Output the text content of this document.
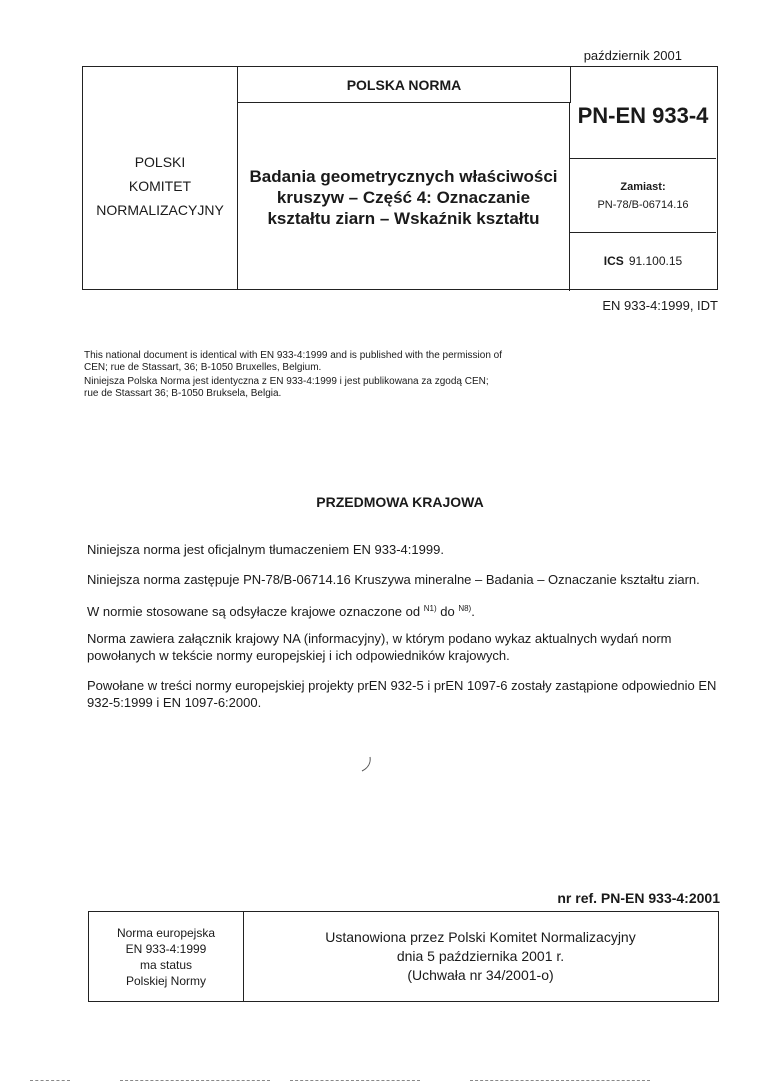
październik 2001
POLSKI
KOMITET
NORMALIZACYJNY
POLSKA NORMA
Badania geometrycznych właściwości kruszyw – Część 4: Oznaczanie kształtu ziarn – Wskaźnik kształtu
PN-EN 933-4
Zamiast:
PN-78/B-06714.16
ICS 91.100.15
EN 933-4:1999, IDT
This national document is identical with EN 933-4:1999 and is published with the permission of CEN; rue de Stassart, 36; B-1050 Bruxelles, Belgium.
Niniejsza Polska Norma jest identyczna z EN 933-4:1999 i jest publikowana za zgodą CEN; rue de Stassart 36; B-1050 Bruksela, Belgia.
PRZEDMOWA KRAJOWA
Niniejsza norma jest oficjalnym tłumaczeniem EN 933-4:1999.
Niniejsza norma zastępuje PN-78/B-06714.16 Kruszywa mineralne – Badania – Oznaczanie kształtu ziarn.
W normie stosowane są odsyłacze krajowe oznaczone od $^{N1)}$ do $^{N8)}$.
Norma zawiera załącznik krajowy NA (informacyjny), w którym podano wykaz aktualnych wydań norm powołanych w tekście normy europejskiej i ich odpowiedników krajowych.
Powołane w treści normy europejskiej projekty prEN 932-5 i prEN 1097-6 zostały zastąpione odpowiednio EN 932-5:1999 i EN 1097-6:2000.
nr ref. PN-EN 933-4:2001
Norma europejska
EN 933-4:1999
ma status
Polskiej Normy
Ustanowiona przez Polski Komitet Normalizacyjny
dnia 5 października 2001 r.
(Uchwała nr 34/2001-o)
